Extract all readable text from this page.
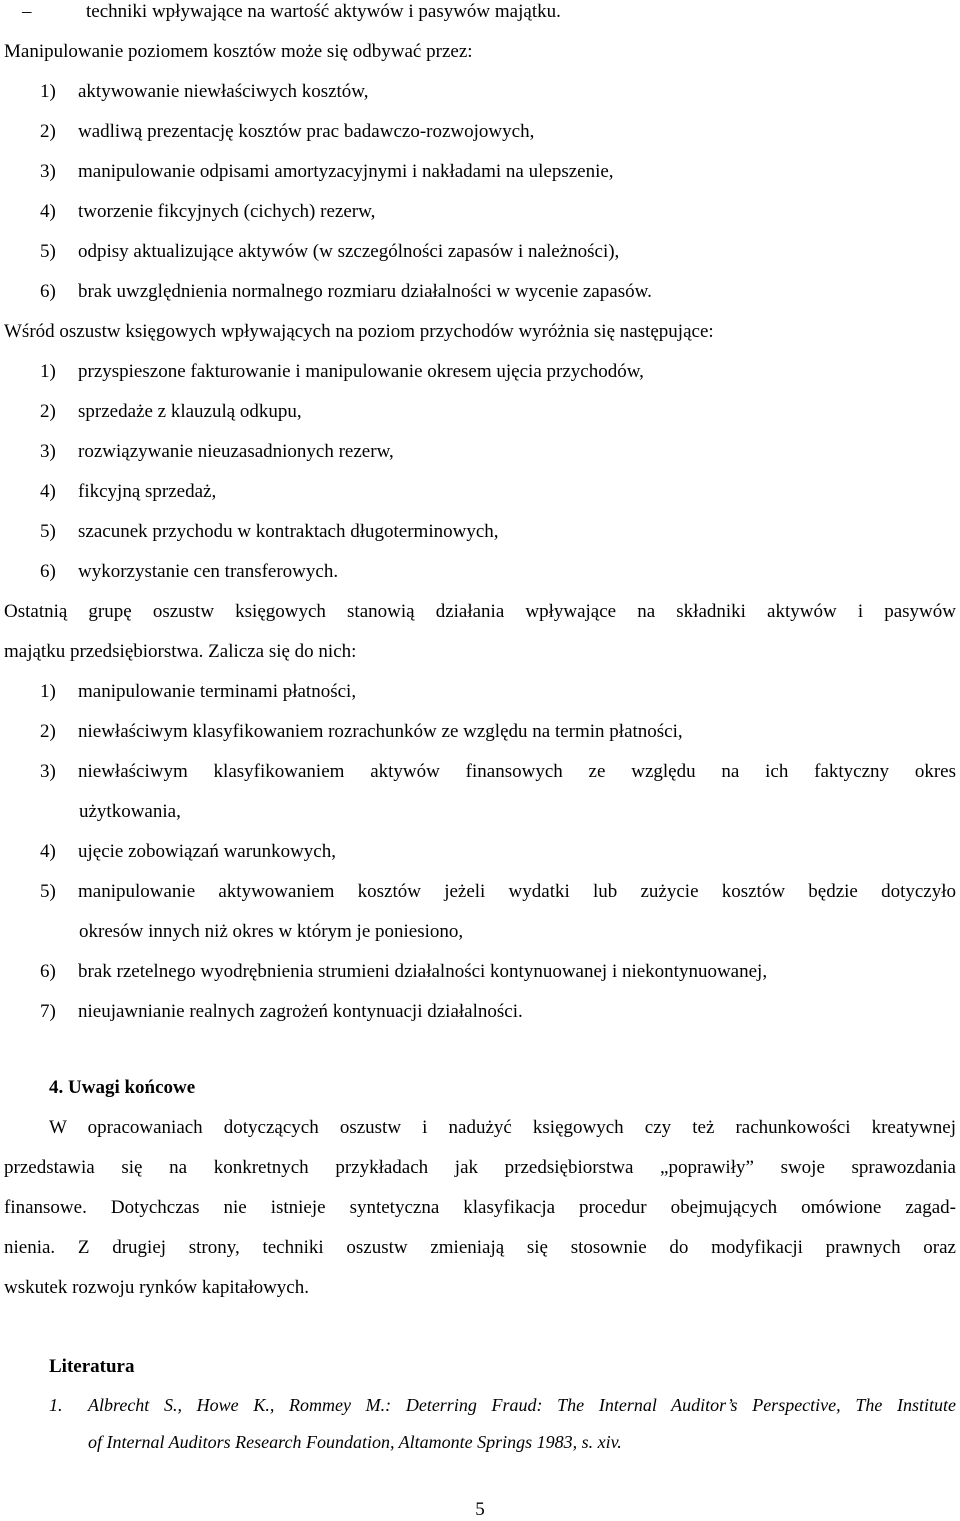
–	techniki wpływające na wartość aktywów i pasywów majątku.
Manipulowanie poziomem kosztów może się odbywać przez:
1) aktywowanie niewłaściwych kosztów,
2) wadliwą prezentację kosztów prac badawczo-rozwojowych,
3) manipulowanie odpisami amortyzacyjnymi i nakładami na ulepszenie,
4) tworzenie fikcyjnych (cichych) rezerw,
5) odpisy aktualizujące aktywów (w szczególności zapasów i należności),
6) brak uwzględnienia normalnego rozmiaru działalności w wycenie zapasów.
Wśród oszustw księgowych wpływających na poziom przychodów wyróżnia się następujące:
1) przyspieszone fakturowanie i manipulowanie okresem ujęcia przychodów,
2) sprzedaże z klauzulą odkupu,
3) rozwiązywanie nieuzasadnionych rezerw,
4) fikcyjną sprzedaż,
5) szacunek przychodu w kontraktach długoterminowych,
6) wykorzystanie cen transferowych.
Ostatnią grupę oszustw księgowych stanowią działania wpływające na składniki aktywów i pasywów
majątku przedsiębiorstwa. Zalicza się do nich:
1) manipulowanie terminami płatności,
2) niewłaściwym klasyfikowaniem rozrachunków ze względu na termin płatności,
3)	niewłaściwym klasyfikowaniem aktywów finansowych ze względu na ich faktyczny okres
użytkowania,
4) ujęcie zobowiązań warunkowych,
5)	manipulowanie aktywowaniem kosztów jeżeli wydatki lub zużycie kosztów będzie dotyczyło
okresów innych niż okres w którym je poniesiono,
6) brak rzetelnego wyodrębnienia strumieni działalności kontynuowanej i niekontynuowanej,
7) nieujawnianie realnych zagrożeń kontynuacji działalności.
4. Uwagi końcowe
W opracowaniach dotyczących oszustw i nadużyć księgowych czy też rachunkowości kreatywnej
przedstawia się na konkretnych przykładach jak przedsiębiorstwa „poprawiły” swoje sprawozdania
finansowe. Dotychczas nie istnieje syntetyczna klasyfikacja procedur obejmujących omówione zagad-
nienia. Z drugiej strony, techniki oszustw zmieniają się stosownie do modyfikacji prawnych oraz
wskutek rozwoju rynków kapitałowych.
Literatura
1.	Albrecht S., Howe K., Rommey M.: Deterring Fraud: The Internal Auditor’s Perspective, The Institute
of Internal Auditors Research Foundation, Altamonte Springs 1983, s. xiv.
5
